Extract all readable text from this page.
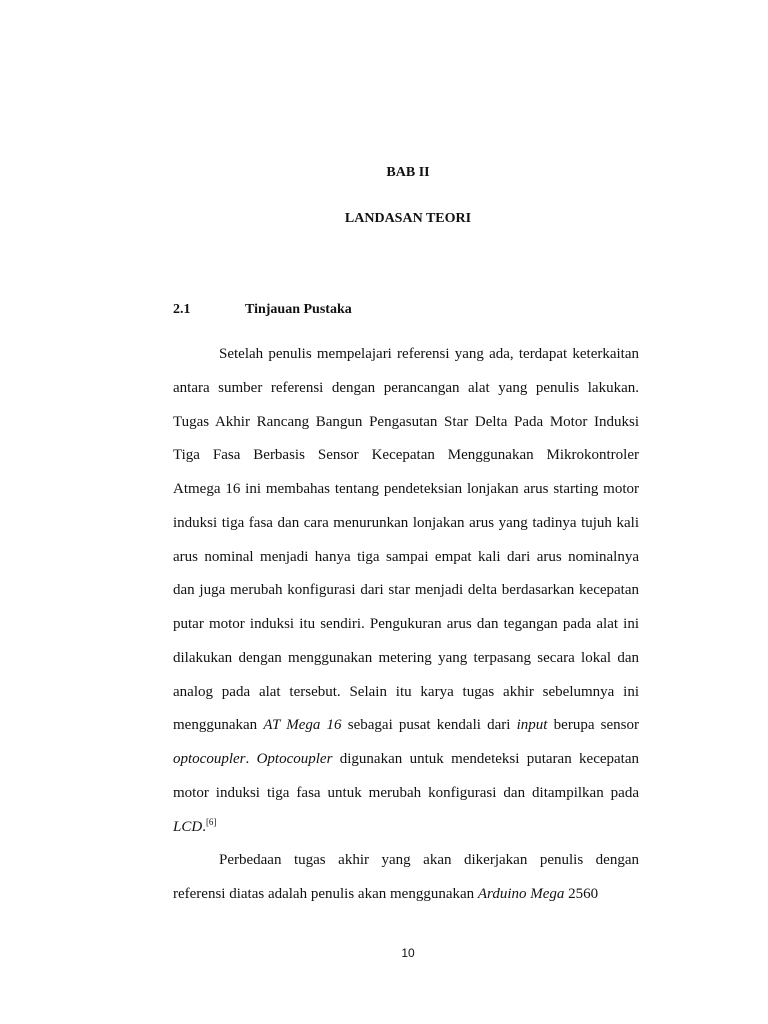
BAB II
LANDASAN TEORI
2.1	Tinjauan Pustaka
Setelah penulis mempelajari referensi yang ada, terdapat keterkaitan
antara sumber referensi dengan perancangan alat yang penulis lakukan.
Tugas Akhir Rancang Bangun Pengasutan Star Delta Pada Motor Induksi
Tiga Fasa Berbasis Sensor Kecepatan Menggunakan Mikrokontroler
Atmega 16 ini membahas tentang pendeteksian lonjakan arus starting motor
induksi tiga fasa dan cara menurunkan lonjakan arus yang tadinya tujuh kali
arus nominal menjadi hanya tiga sampai empat kali dari arus nominalnya
dan juga merubah konfigurasi dari star menjadi delta berdasarkan kecepatan
putar motor induksi itu sendiri. Pengukuran arus dan tegangan pada alat ini
dilakukan dengan menggunakan metering yang terpasang secara lokal dan
analog pada alat tersebut. Selain itu karya tugas akhir sebelumnya ini
menggunakan AT Mega 16 sebagai pusat kendali dari input berupa sensor
optocoupler. Optocoupler digunakan untuk mendeteksi putaran kecepatan
motor induksi tiga fasa untuk merubah konfigurasi dan ditampilkan pada
LCD.[6]
Perbedaan tugas akhir yang akan dikerjakan penulis dengan
referensi diatas adalah penulis akan menggunakan Arduino Mega 2560
10
